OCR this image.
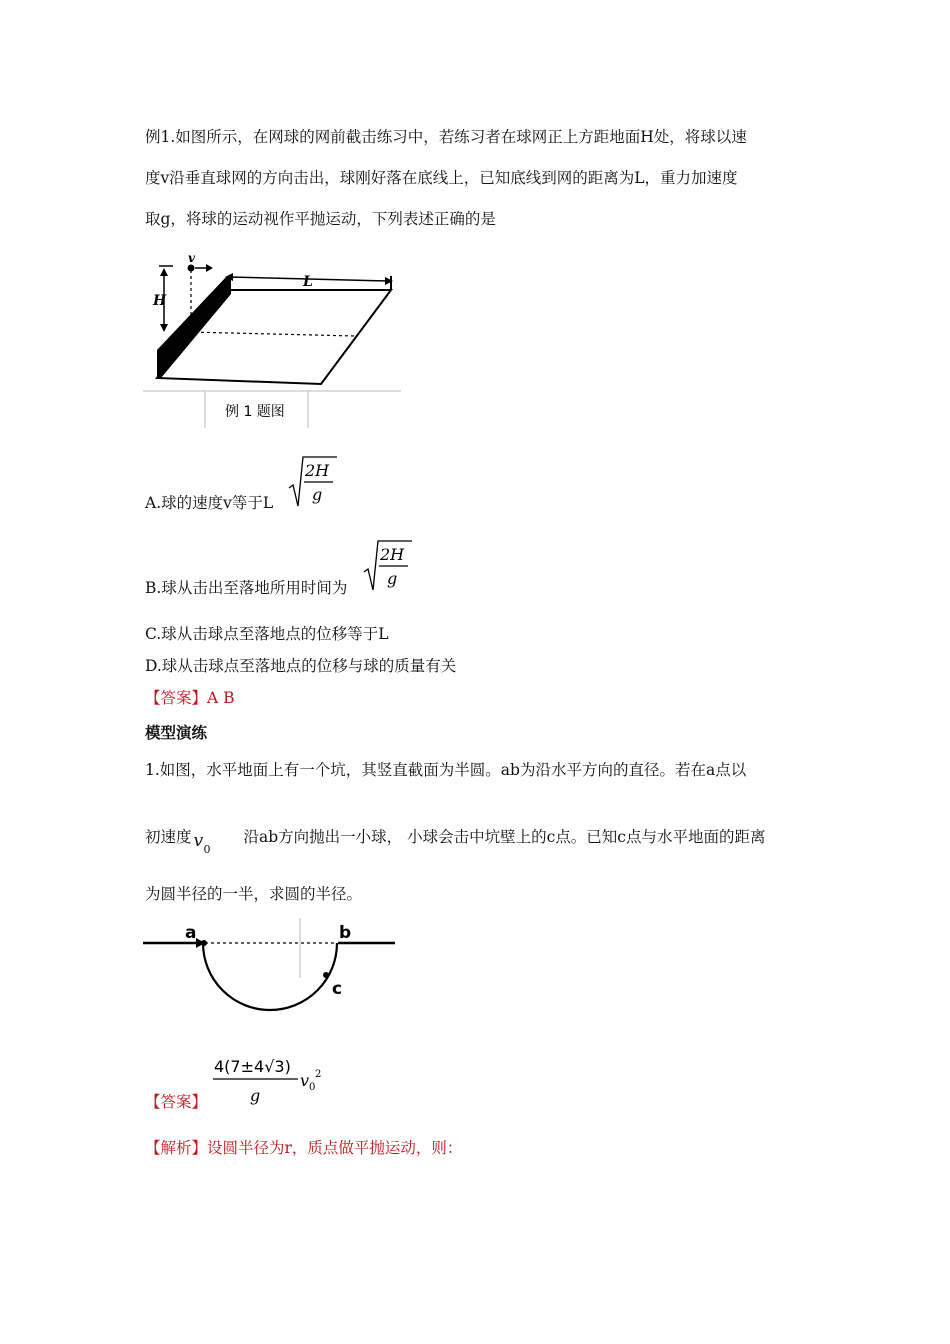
例1.如图所示，在网球的网前截击练习中，若练习者在球网正上方距地面H处，将球以速
度v沿垂直球网的方向击出，球刚好落在底线上，已知底线到网的距离为L，重力加速度
取g，将球的运动视作平抛运动，下列表述正确的是
v
H
L
例 1 题图
A.球的速度v等于L
2H
g
B.球从击出至落地所用时间为
2H
g
C.球从击球点至落地点的位移等于L
D.球从击球点至落地点的位移与球的质量有关
【答案】A B
模型演练
1.如图，水平地面上有一个坑，其竖直截面为半圆。ab为沿水平方向的直径。若在a点以
初速度 v 0
沿ab方向抛出一小球， 小球会击中坑壁上的c点。已知c点与水平地面的距离
为圆半径的一半，求圆的半径。
a	b
c
【答案】
4(7±4√3)
g
v 0
2
【解析】设圆半径为r，质点做平抛运动，则：
